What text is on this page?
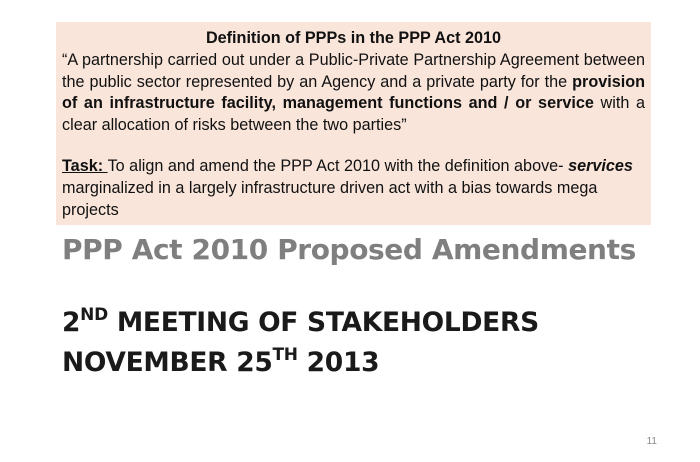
Definition of PPPs in the PPP Act 2010
“A partnership carried out under a Public-Private Partnership Agreement between the public sector represented by an Agency and a private party for the provision of an infrastructure facility, management functions and / or service with a clear allocation of risks between the two parties”
Task: To align and amend the PPP Act 2010 with the definition above- services marginalized in a largely infrastructure driven act with a bias towards mega projects
PPP Act 2010 Proposed Amendments
2ND MEETING OF STAKEHOLDERS
NOVEMBER 25TH 2013
11
